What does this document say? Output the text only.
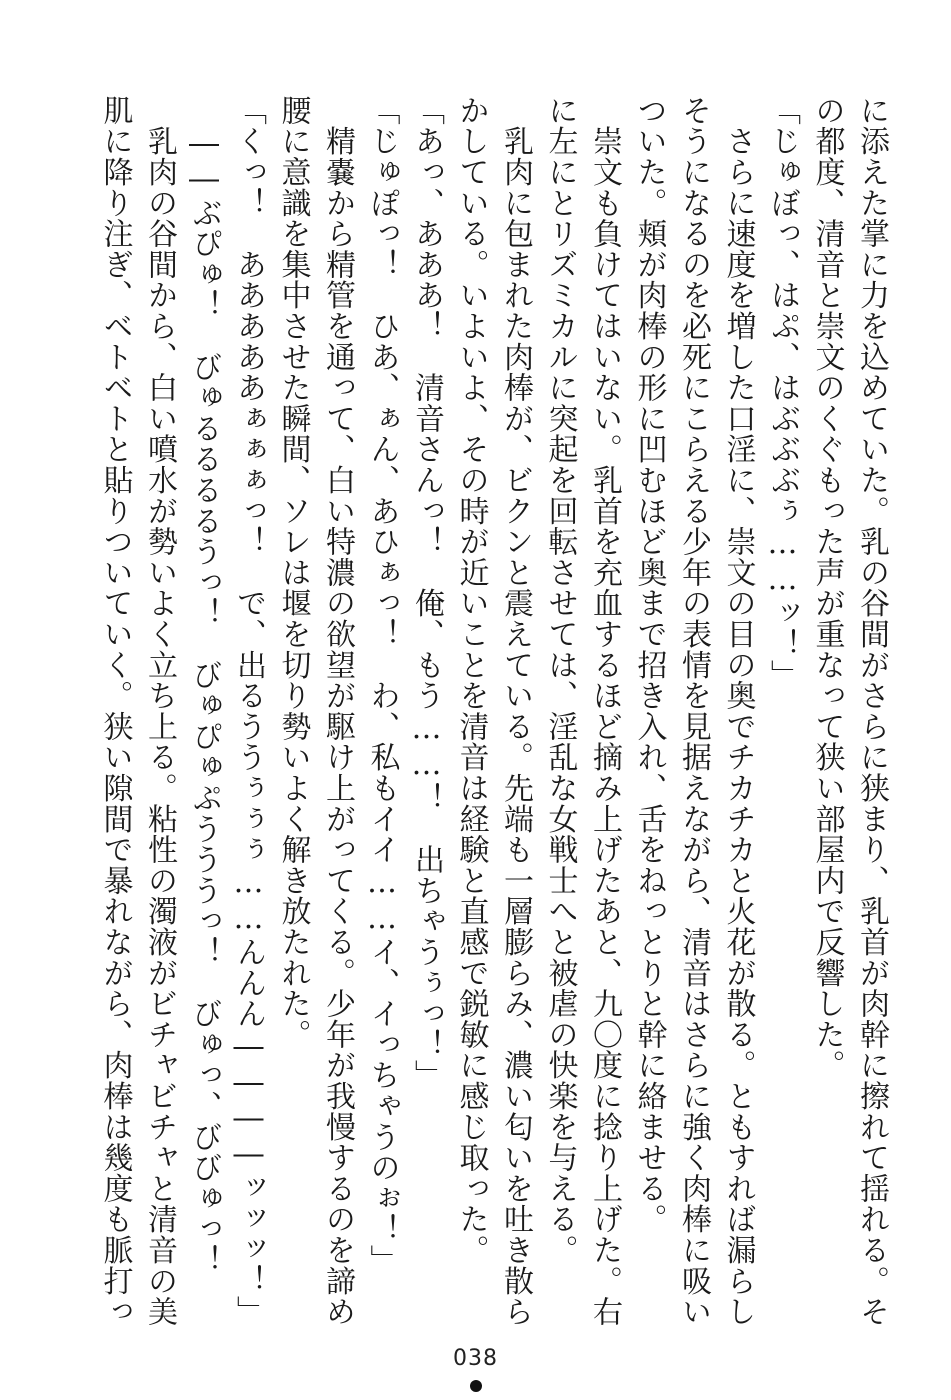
に添えた掌に力を込めていた。乳の谷間がさらに狭まり、乳首が肉幹に擦れて揺れる。そ

の都度、清音と崇文のくぐもった声が重なって狭い部屋内で反響した。

「じゅぼっ、はぷ、はぶぶぶぅ……ッ！」

　さらに速度を増した口淫に、崇文の目の奥でチカチカと火花が散る。ともすれば漏らし

そうになるのを必死にこらえる少年の表情を見据えながら、清音はさらに強く肉棒に吸い

ついた。頬が肉棒の形に凹むほど奥まで招き入れ、舌をねっとりと幹に絡ませる。

　崇文も負けてはいない。乳首を充血するほど摘み上げたあと、九〇度に捻り上げた。右

に左にとリズミカルに突起を回転させては、淫乱な女戦士へと被虐の快楽を与える。

　乳肉に包まれた肉棒が、ビクンと震えている。先端も一層膨らみ、濃い匂いを吐き散ら

かしている。いよいよ、その時が近いことを清音は経験と直感で鋭敏に感じ取った。

「あっ、あああ！　清音さんっ！　俺、もう……！　出ちゃうぅっ！」

「じゅぽっ！　ひあ、ぁん、あひぁっ！　わ、私もイイ……イ、イっちゃうのぉ！」

　精嚢から精管を通って、白い特濃の欲望が駆け上がってくる。少年が我慢するのを諦め

腰に意識を集中させた瞬間、ソレは堰を切り勢いよく解き放たれた。

「くっ！　あああああぁぁぁっ！　で、出るううぅぅぅ……んんん――――ッッッ！」

　――ぶぴゅ！　びゅるるるるうっ！　びゅぴゅぷうううっ！　びゅっ、びびゅっ！

　乳肉の谷間から、白い噴水が勢いよく立ち上る。粘性の濁液がビチャビチャと清音の美

肌に降り注ぎ、ベトベトと貼りついていく。狭い隙間で暴れながら、肉棒は幾度も脈打っ

038
